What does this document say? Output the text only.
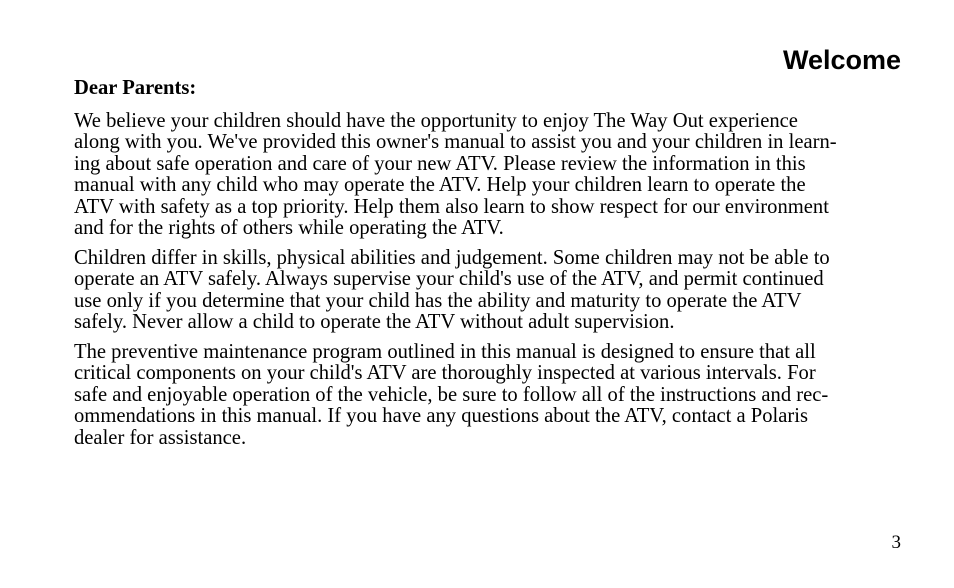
Welcome
Dear Parents:
We believe your children should have the opportunity to enjoy The Way Out experience
along with you. We've provided this owner's manual to assist you and your children in learn-
ing about safe operation and care of your new ATV. Please review the information in this
manual with any child who may operate the ATV. Help your children learn to operate the
ATV with safety as a top priority. Help them also learn to show respect for our environment
and for the rights of others while operating the ATV.
Children differ in skills, physical abilities and judgement. Some children may not be able to
operate an ATV safely. Always supervise your child's use of the ATV, and permit continued
use only if you determine that your child has the ability and maturity to operate the ATV
safely. Never allow a child to operate the ATV without adult supervision.
The preventive maintenance program outlined in this manual is designed to ensure that all
critical components on your child's ATV are thoroughly inspected at various intervals. For
safe and enjoyable operation of the vehicle, be sure to follow all of the instructions and rec-
ommendations in this manual. If you have any questions about the ATV, contact a Polaris
dealer for assistance.
3
